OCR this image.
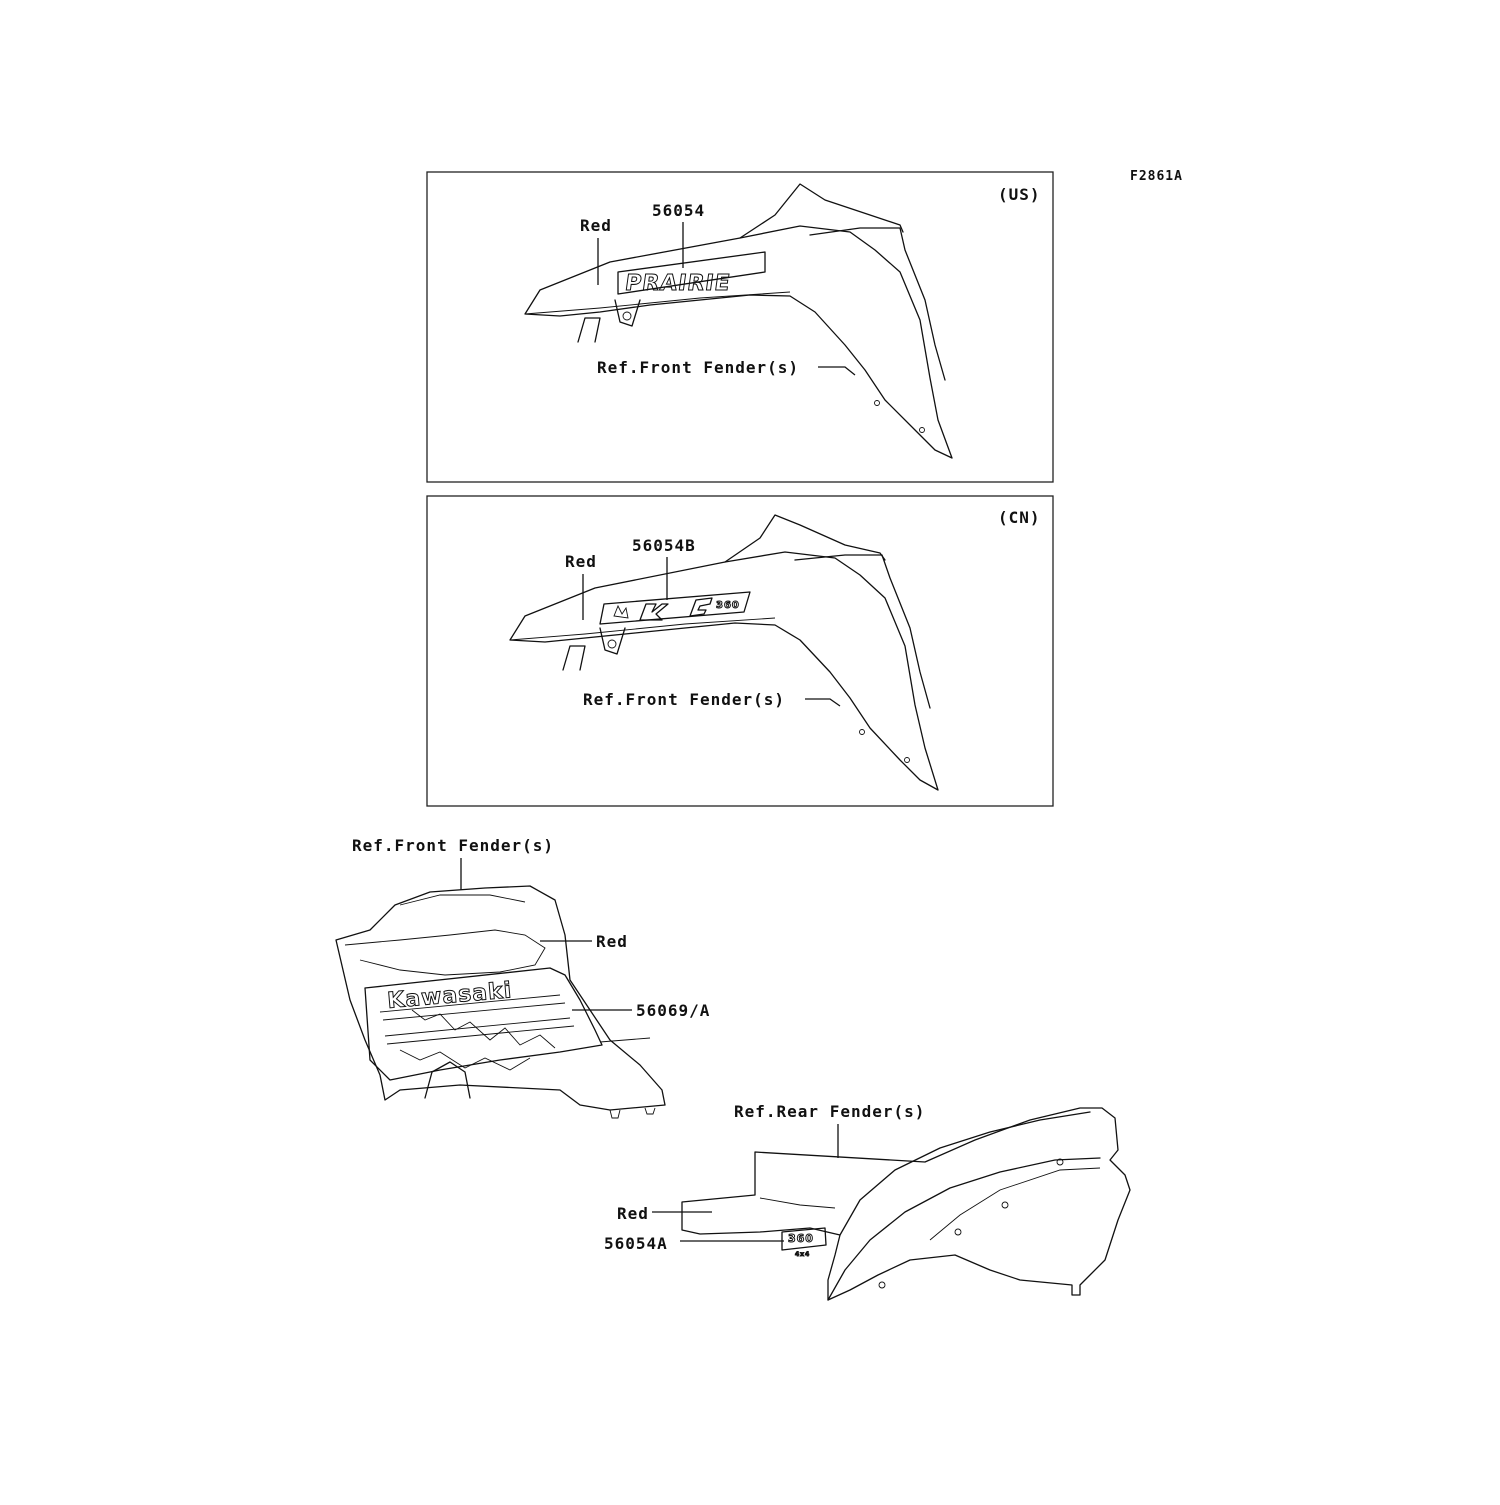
F2861A
(US)
PRAIRIE
Red
56054
Ref.Front Fender(s)
(CN)
360
Red
56054B
Ref.Front Fender(s)
Kawasaki
Ref.Front Fender(s)
Red
56069/A
360
4x4
Ref.Rear Fender(s)
Red
56054A
